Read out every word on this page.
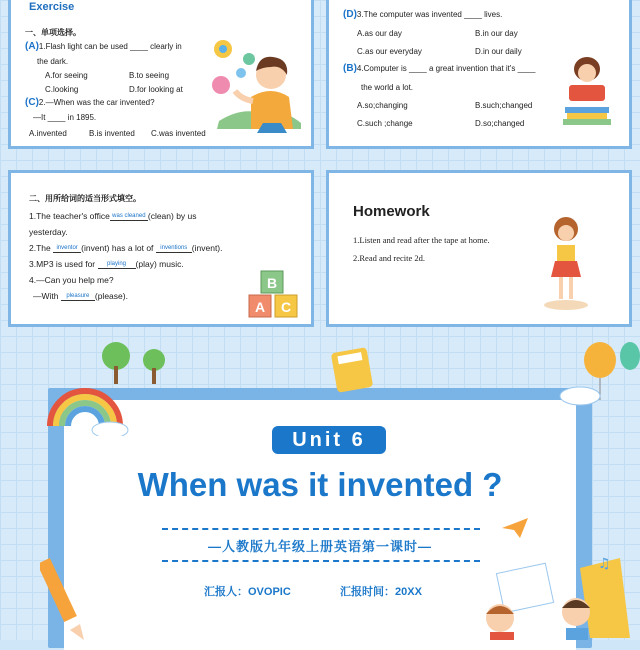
Exercise
一、单项选择。
(A)1.Flash light can be used ____ clearly in
the dark.
A.for seeing	B.to seeing
C.looking	D.for looking at
(C)2.—When was the car invented?
—It ____ in 1895.
A.invented	B.is invented C.was invented
(D)3.The computer was invented ____ lives.
A.as our day	B.in our day
C.as our everyday	D.in our daily
(B)4.Computer is ____ a great invention that it's ____
the world a lot.
A.so;changing	B.such;changed
C.such ;change	D.so;changed
二、用所给词的适当形式填空。
1.The teacher's office was cleaned (clean) by us
yesterday.
2.The inventor (invent) has a lot of inventions (invent).
3.MP3 is used for playing (play) music.
4.—Can you help me?
—With pleasure (please).
B
A C
Homework
1.Listen and read after the tape at home.
2.Read and recite 2d.
Unit 6
When was it invented ?
—人教版九年级上册英语第一课时—
汇报人：OVOPIC	汇报时间：20XX
♫
